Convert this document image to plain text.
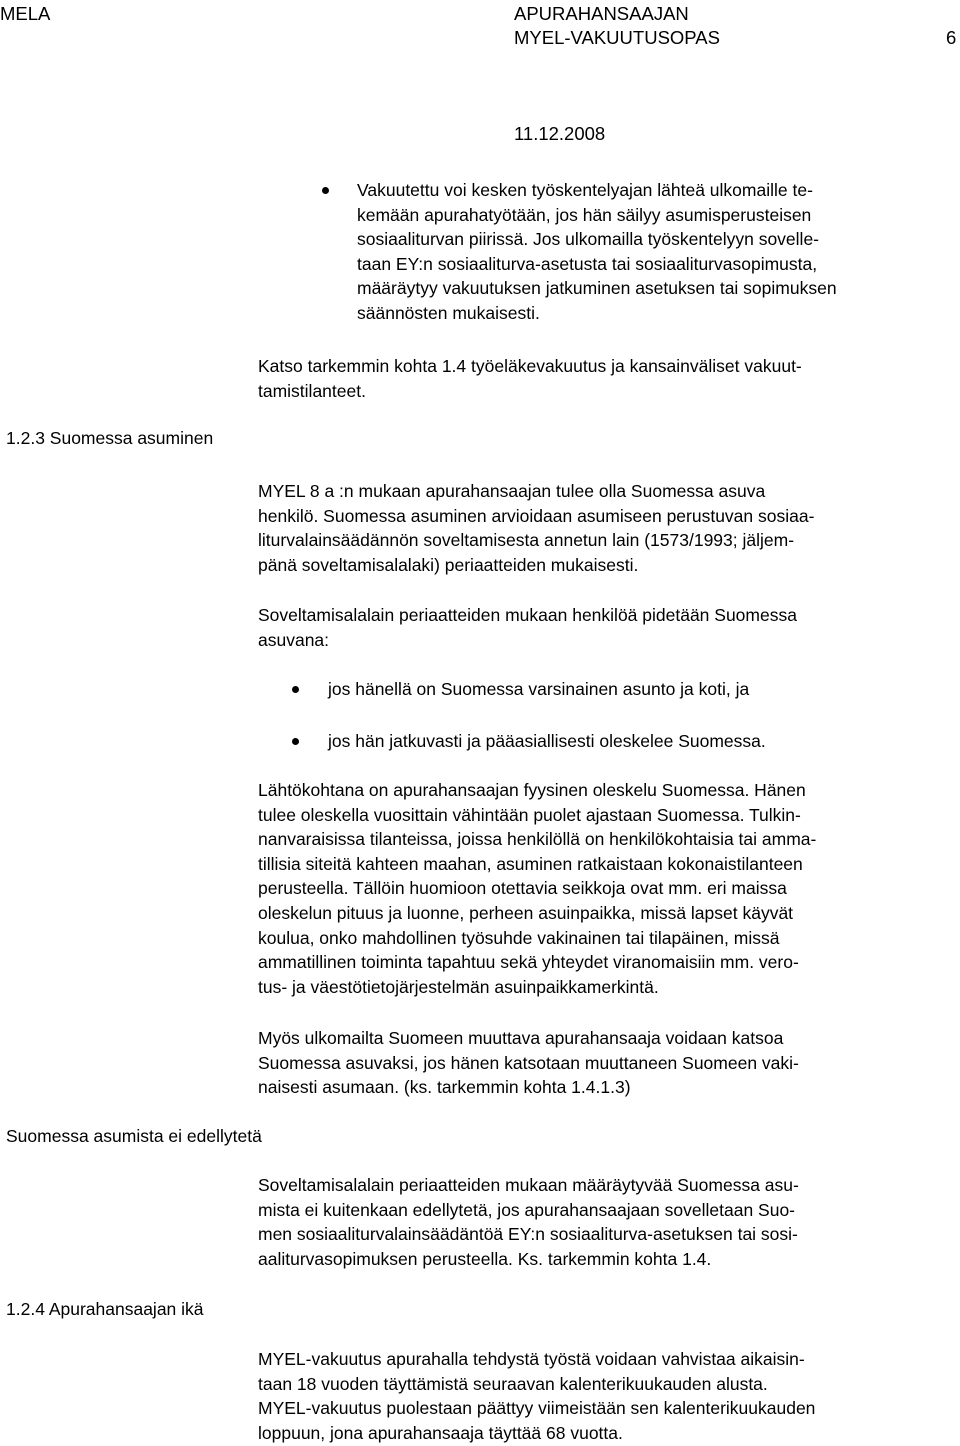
MELA	APURAHANSAAJAN
MYEL-VAKUUTUSOPAS	6
11.12.2008
1.2.3 Suomessa asuminen
Suomessa asumista ei edellytetä
1.2.4 Apurahansaajan ikä
Vakuutettu voi kesken työskentelyajan lähteä ulkomaille te-
kemään apurahatyötään, jos hän säilyy asumisperusteisen
sosiaaliturvan piirissä. Jos ulkomailla työskentelyyn sovelle-
taan EY:n sosiaaliturva-asetusta tai sosiaaliturvasopimusta,
määräytyy vakuutuksen jatkuminen asetuksen tai sopimuksen
säännösten mukaisesti.
Katso tarkemmin kohta 1.4 työeläkevakuutus ja kansainväliset vakuut-
tamistilanteet.
MYEL 8 a :n mukaan apurahansaajan tulee olla Suomessa asuva
henkilö. Suomessa asuminen arvioidaan asumiseen perustuvan sosiaa-
liturvalainsäädännön soveltamisesta annetun lain (1573/1993; jäljem-
pänä soveltamisalalaki) periaatteiden mukaisesti.
Soveltamisalalain periaatteiden mukaan henkilöä pidetään Suomessa
asuvana:
jos hänellä on Suomessa varsinainen asunto ja koti, ja
jos hän jatkuvasti ja pääasiallisesti oleskelee Suomessa.
Lähtökohtana on apurahansaajan fyysinen oleskelu Suomessa. Hänen
tulee oleskella vuosittain vähintään puolet ajastaan Suomessa. Tulkin-
nanvaraisissa tilanteissa, joissa henkilöllä on henkilökohtaisia tai amma-
tillisia siteitä kahteen maahan, asuminen ratkaistaan kokonaistilanteen
perusteella. Tällöin huomioon otettavia seikkoja ovat mm. eri maissa
oleskelun pituus ja luonne, perheen asuinpaikka, missä lapset käyvät
koulua, onko mahdollinen työsuhde vakinainen tai tilapäinen, missä
ammatillinen toiminta tapahtuu sekä yhteydet viranomaisiin mm. vero-
tus- ja väestötietojärjestelmän asuinpaikkamerkintä.
Myös ulkomailta Suomeen muuttava apurahansaaja voidaan katsoa
Suomessa asuvaksi, jos hänen katsotaan muuttaneen Suomeen vaki-
naisesti asumaan. (ks. tarkemmin kohta 1.4.1.3)
Soveltamisalalain periaatteiden mukaan määräytyvää Suomessa asu-
mista ei kuitenkaan edellytetä, jos apurahansaajaan sovelletaan Suo-
men sosiaaliturvalainsäädäntöä EY:n sosiaaliturva-asetuksen tai sosi-
aaliturvasopimuksen perusteella. Ks. tarkemmin kohta 1.4.
MYEL-vakuutus apurahalla tehdystä työstä voidaan vahvistaa aikaisin-
taan 18 vuoden täyttämistä seuraavan kalenterikuukauden alusta.
MYEL-vakuutus puolestaan päättyy viimeistään sen kalenterikuukauden
loppuun, jona apurahansaaja täyttää 68 vuotta.
